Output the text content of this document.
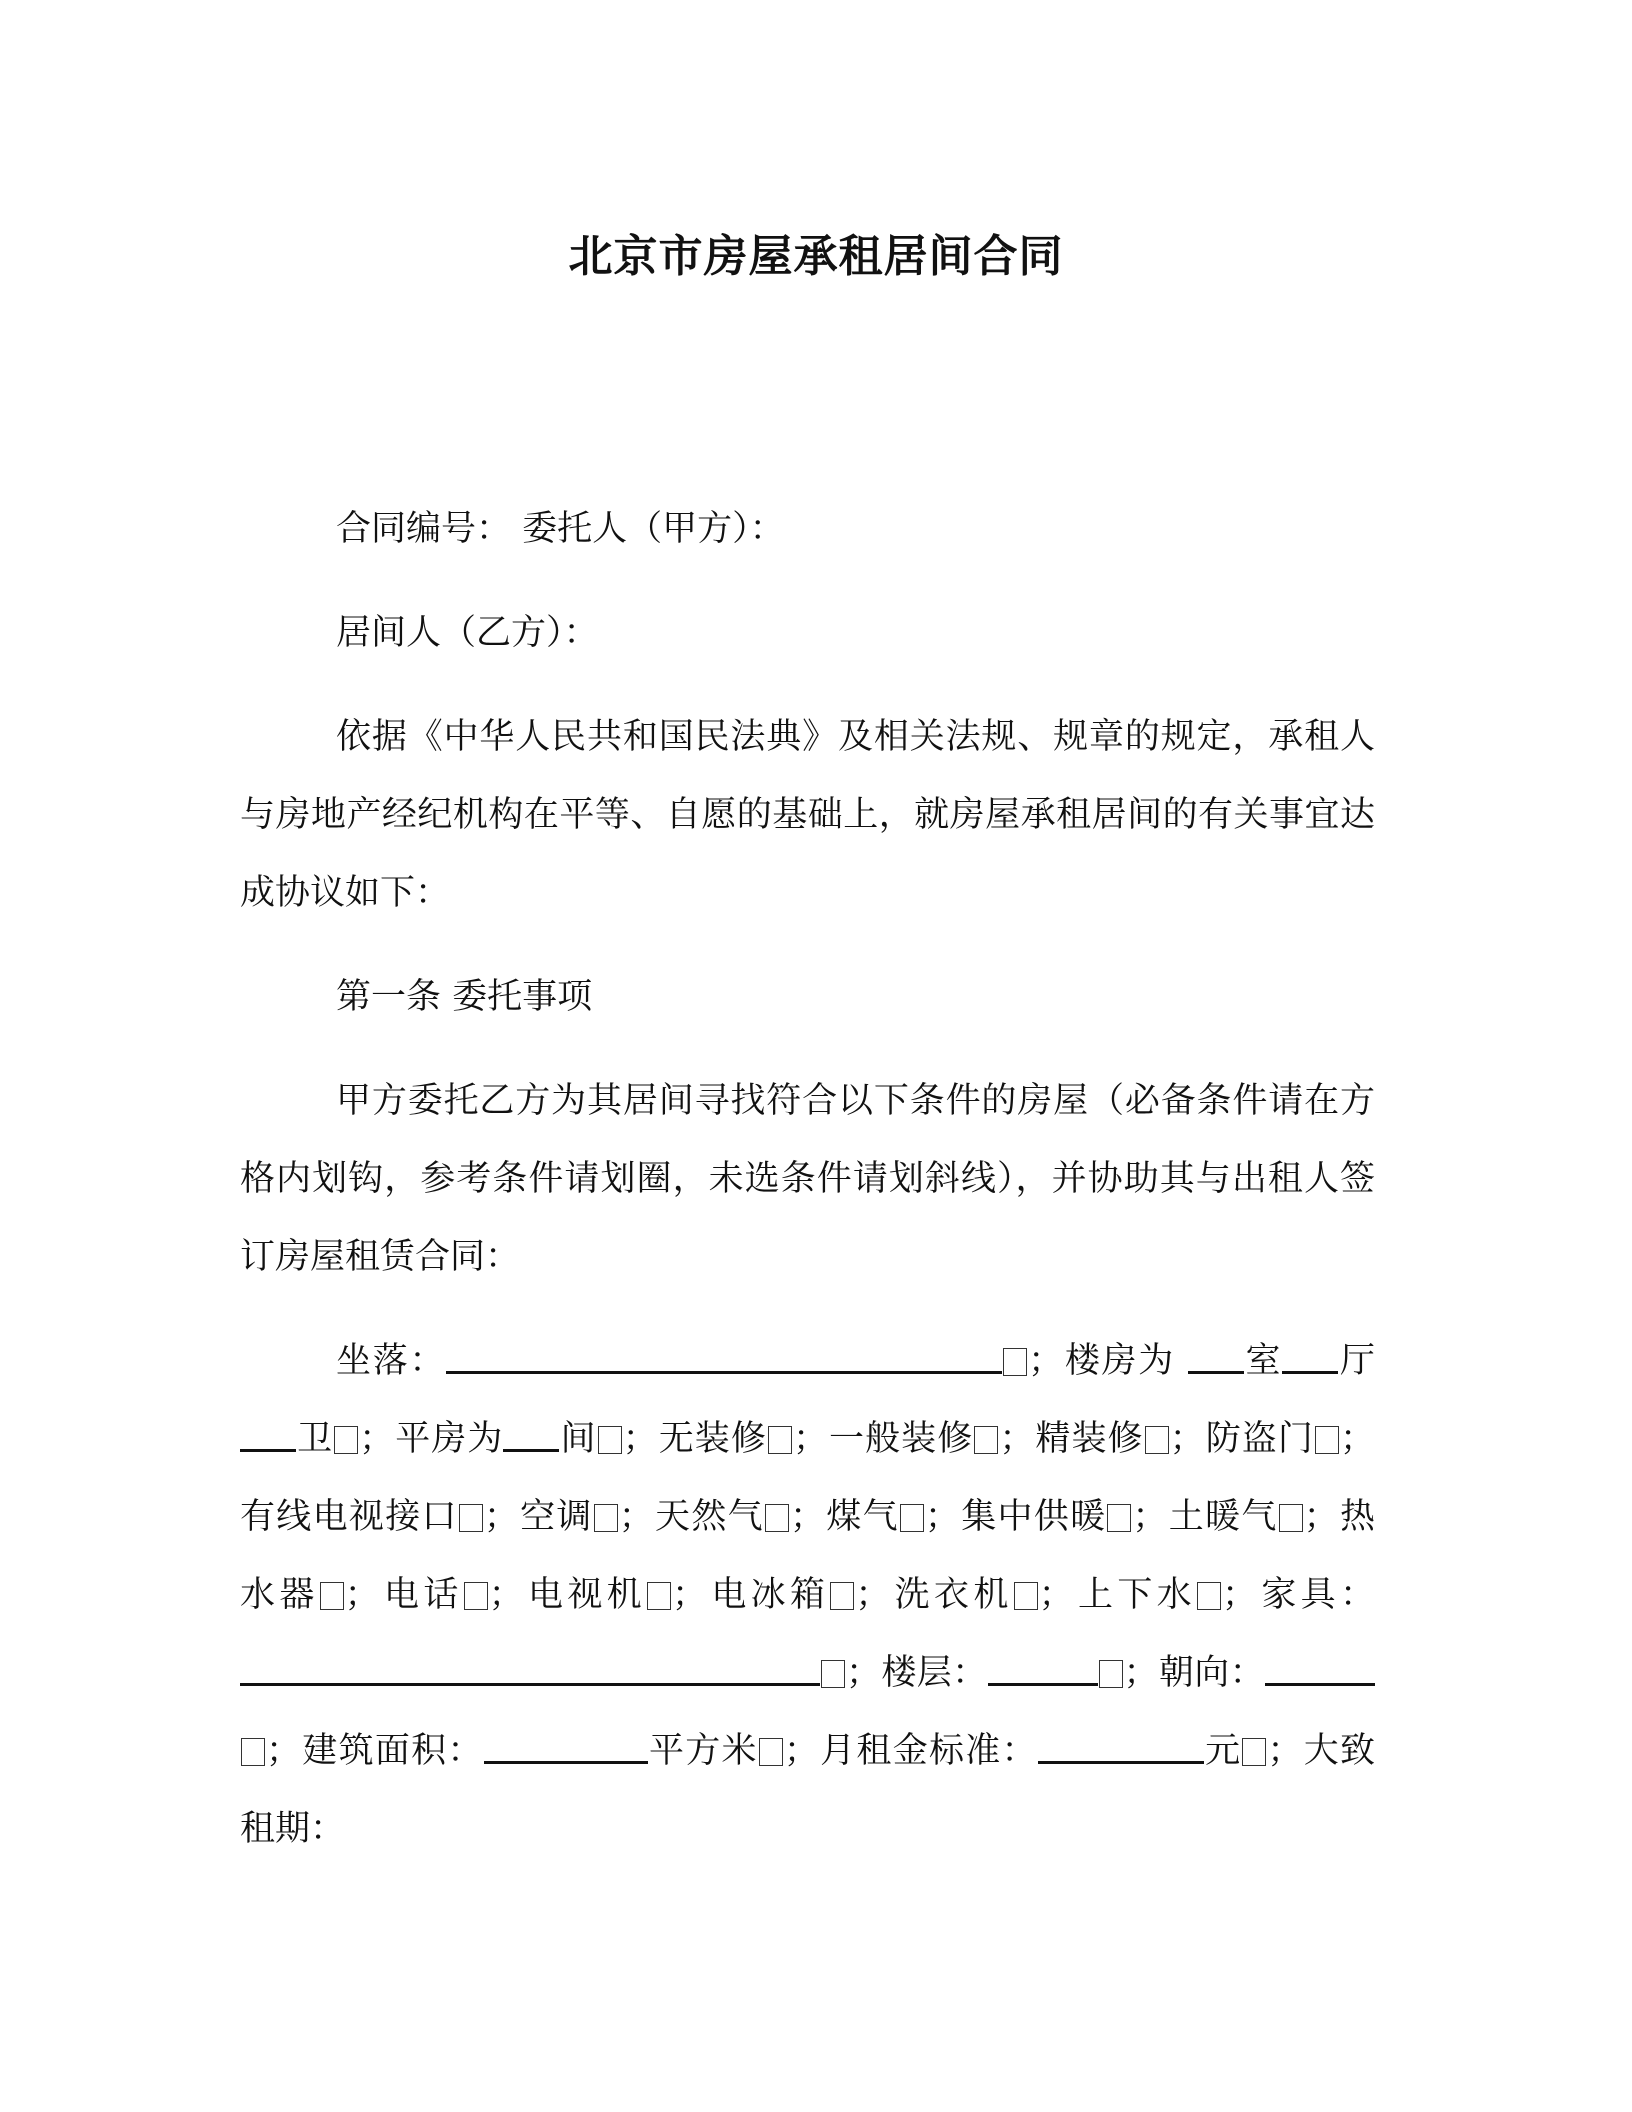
北京市房屋承租居间合同

合同编号： 委托人（甲方）：

居间人（乙方）：

依据《中华人民共和国民法典》及相关法规、规章的规定，承租人与房地产经纪机构在平等、自愿的基础上，就房屋承租居间的有关事宜达成协议如下：

第一条 委托事项

甲方委托乙方为其居间寻找符合以下条件的房屋（必备条件请在方格内划钩，参考条件请划圈，未选条件请划斜线），并协助其与出租人签订房屋租赁合同：

坐落：	；楼房为 室 厅卫 ；平房为 间 ；无装修 ；一般装修 ；精装修 ；防盗门 ；有线电视接口 ；空调 ；天然气 ；煤气 ；集中供暖 ；土暖气 ；热水器 ；电话 ；电视机 ；电冰箱 ；洗衣机 ；上下水 ；家具：；楼层：	；朝向：；建筑面积：	平方米 ；月租金标准：	元 ；大致租期：
